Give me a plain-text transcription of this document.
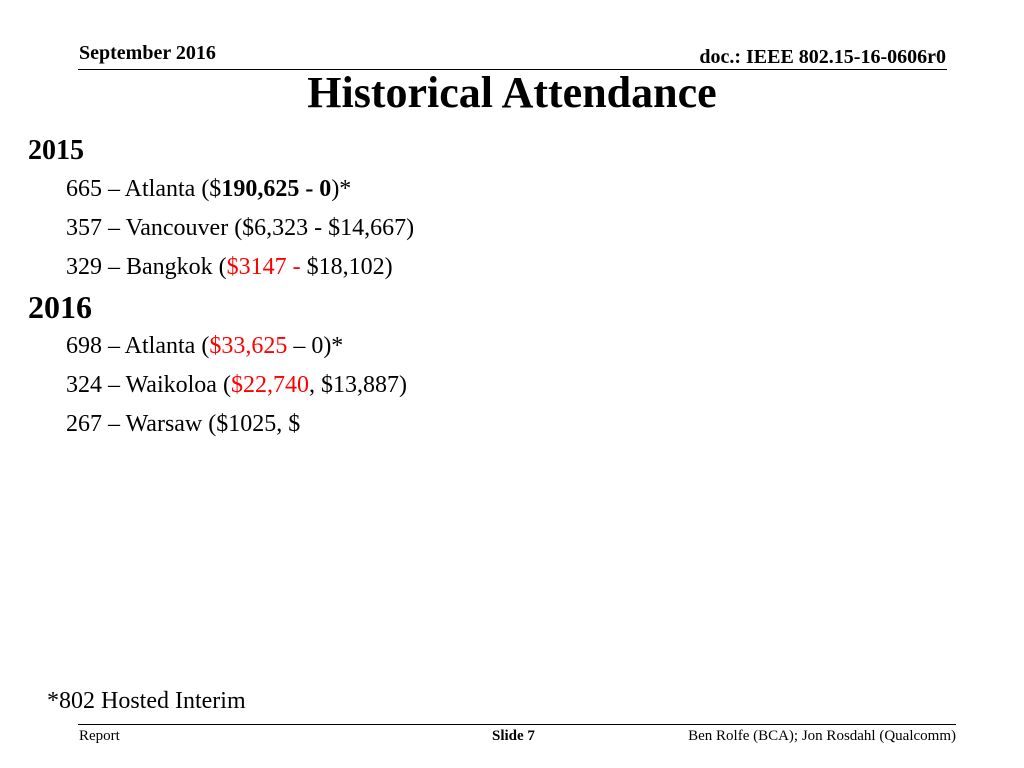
September 2016	doc.: IEEE 802.15-16-0606r0
Historical Attendance
2015
665 – Atlanta ($190,625 - 0)*
357 – Vancouver ($6,323 - $14,667)
329 – Bangkok ($3147 - $18,102)
2016
698 – Atlanta ($33,625 – 0)*
324 – Waikoloa ($22,740, $13,887)
267 – Warsaw ($1025, $
*802 Hosted Interim
Report	Slide 7	Ben Rolfe (BCA); Jon Rosdahl (Qualcomm)
